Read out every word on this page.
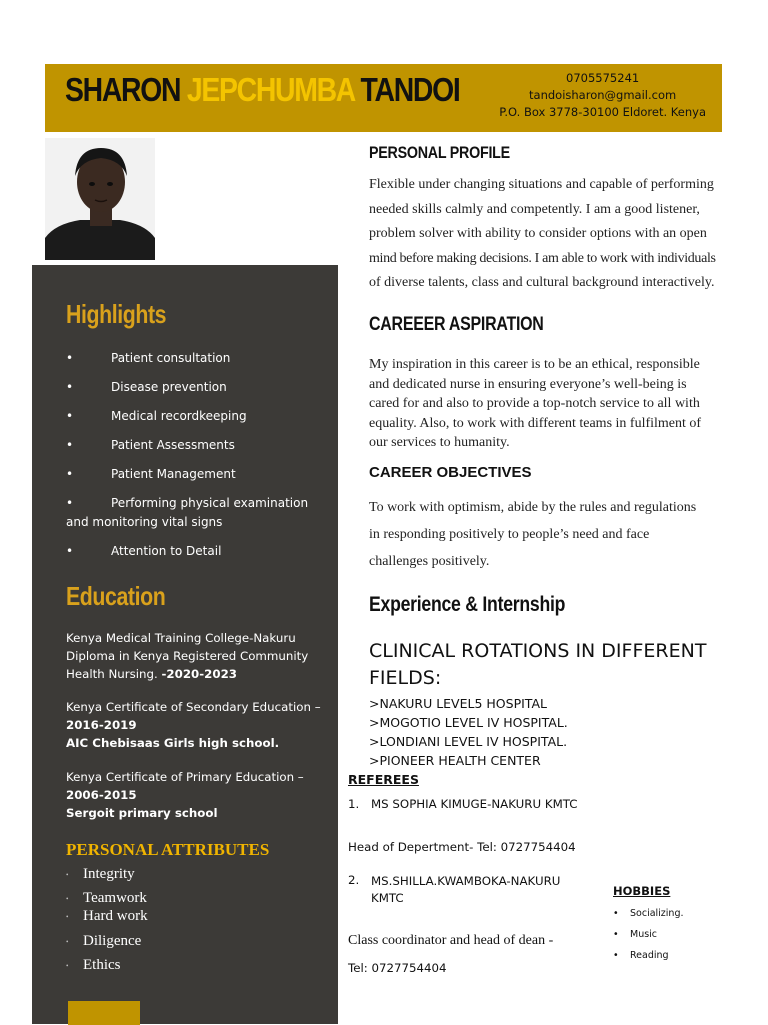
SHARON JEPCHUMBA TANDOI	0705575241
tandoisharon@gmail.com
P.O. Box 3778-30100 Eldoret. Kenya
Highlights
•	Patient consultation
•	Disease prevention
•	Medical recordkeeping
•	Patient Assessments
•	Patient Management
•	Performing physical examination
and monitoring vital signs
•	Attention to Detail
Education
Kenya Medical Training College-Nakuru
Diploma in Kenya Registered Community
Health Nursing. -2020-2023
Kenya Certificate of Secondary Education –
2016-2019
AIC Chebisaas Girls high school.
Kenya Certificate of Primary Education –
2006-2015
Sergoit primary school
PERSONAL ATTRIBUTES
• Integrity
• Teamwork
• Hard work
• Diligence
• Ethics
PERSONAL PROFILE
Flexible under changing situations and capable of performing
needed skills calmly and competently. I am a good listener,
problem solver with ability to consider options with an open
mind before making decisions. I am able to work with individuals
of diverse talents, class and cultural background interactively.
CAREEER ASPIRATION
My inspiration in this career is to be an ethical, responsible
and dedicated nurse in ensuring everyone’s well-being is
cared for and also to provide a top-notch service to all with
equality. Also, to work with different teams in fulfilment of
our services to humanity.
CAREER OBJECTIVES
To work with optimism, abide by the rules and regulations
in responding positively to people’s need and face
challenges positively.
Experience & Internship
CLINICAL ROTATIONS IN DIFFERENT
FIELDS:
>NAKURU LEVEL5 HOSPITAL
>MOGOTIO LEVEL IV HOSPITAL.
>LONDIANI LEVEL IV HOSPITAL.
>PIONEER HEALTH CENTER
REFEREES
1. MS SOPHIA KIMUGE-NAKURU KMTC
Head of Depertment- Tel: 0727754404
2. MS.SHILLA.KWAMBOKA-NAKURU
KMTC
Class coordinator and head of dean -
Tel: 0727754404
HOBBIES
• Socializing.
• Music
• Reading
